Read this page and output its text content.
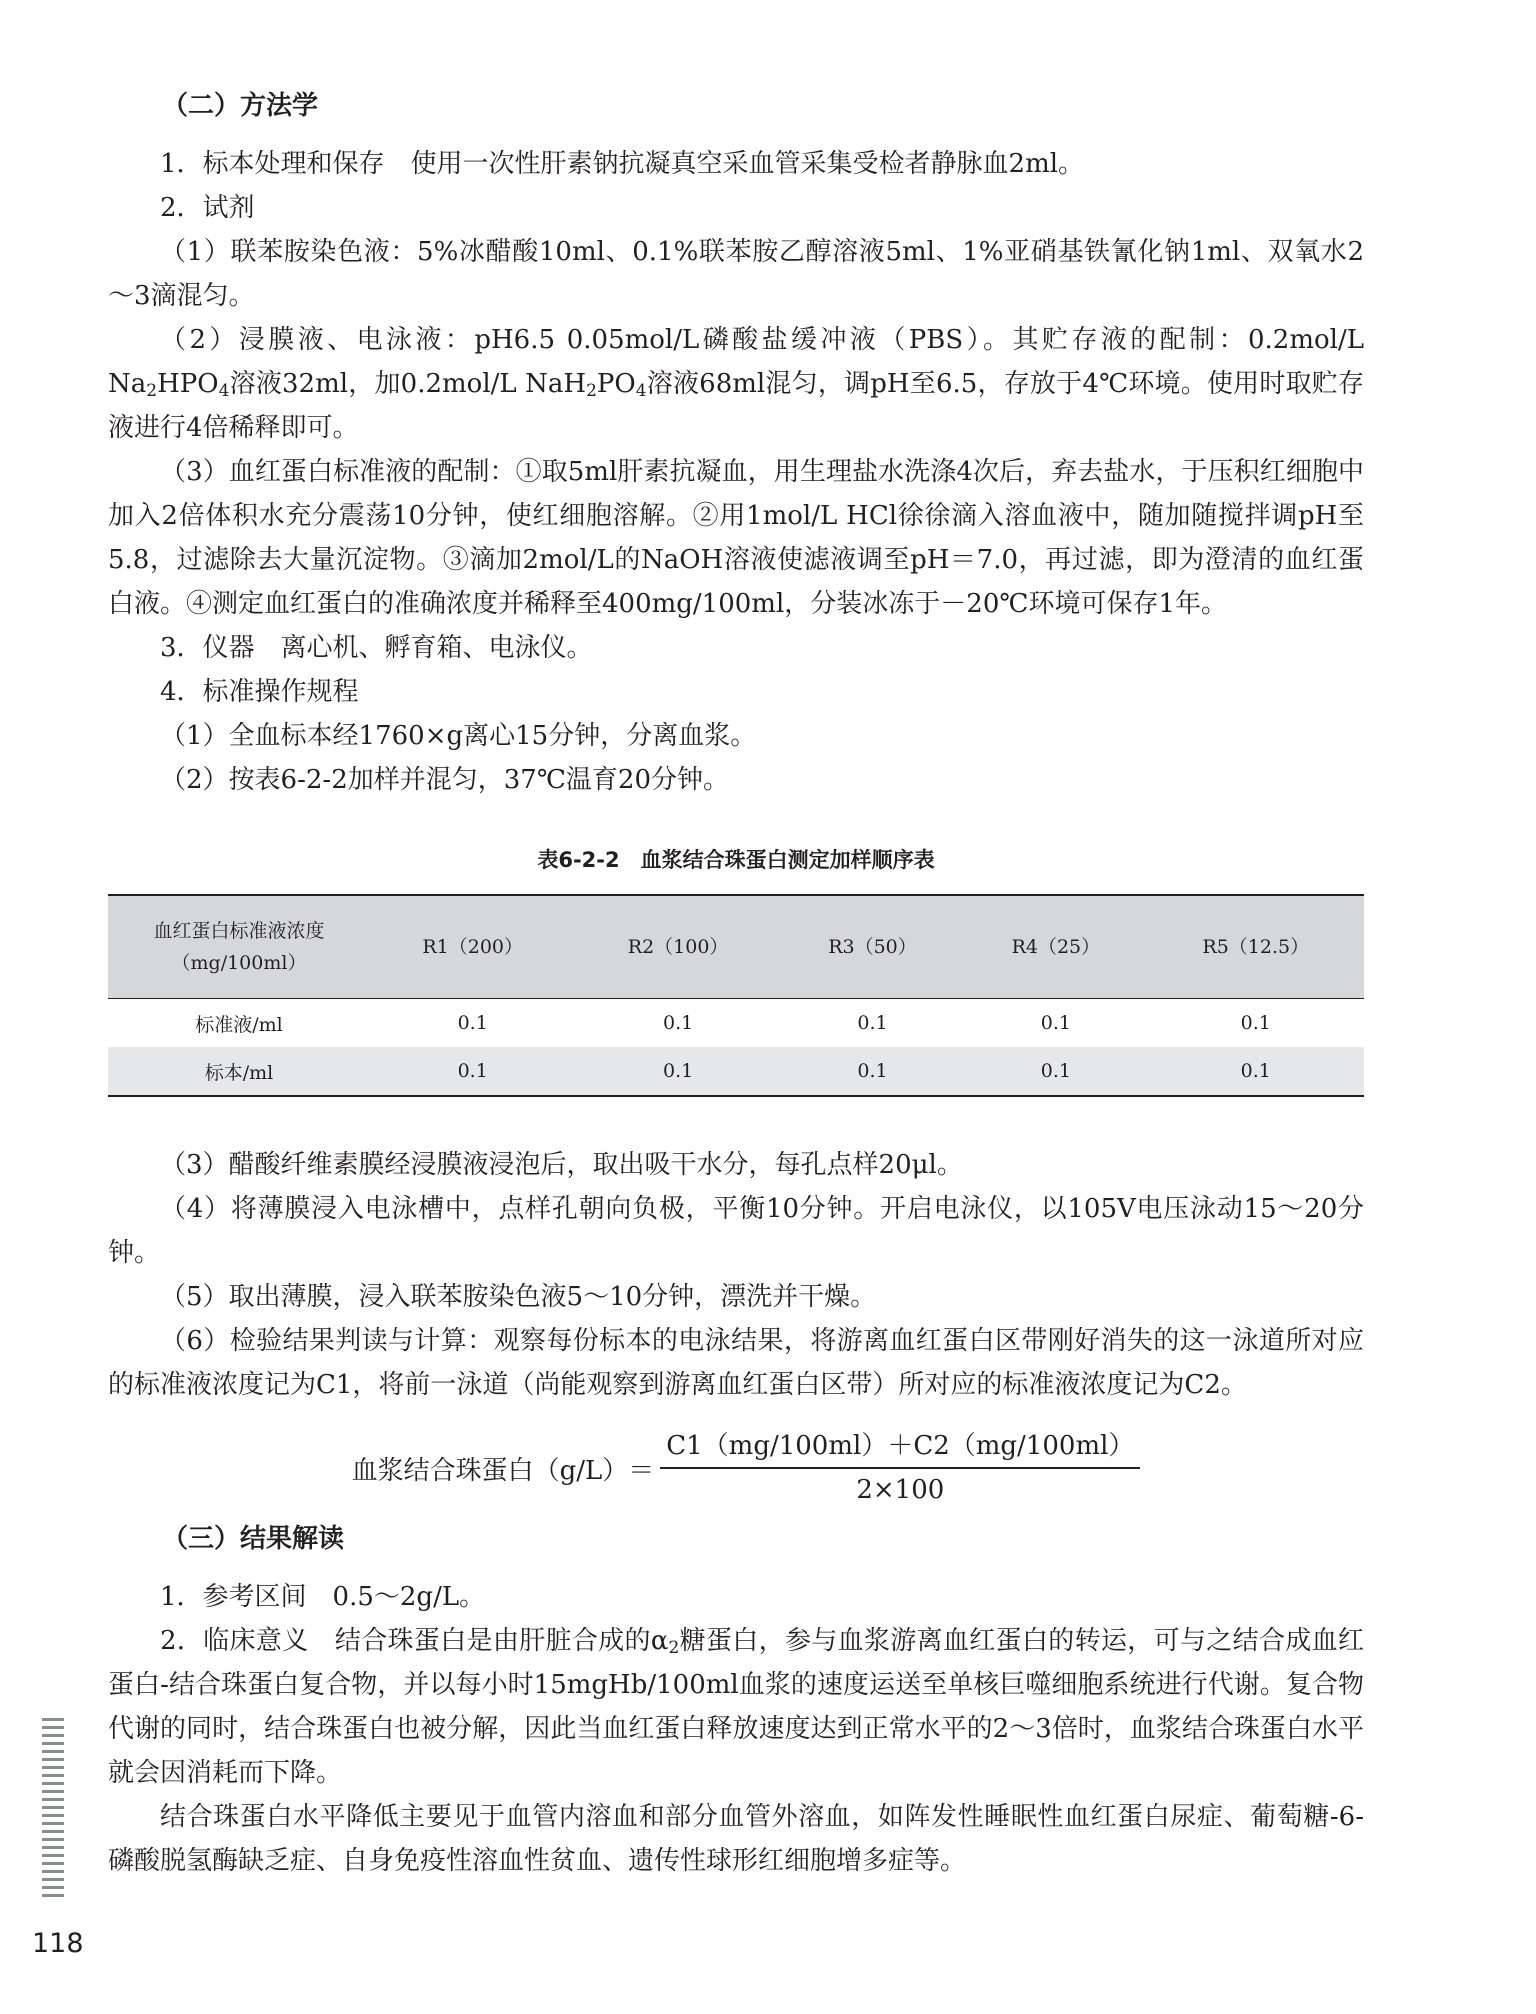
（二）方法学

1．标本处理和保存　使用一次性肝素钠抗凝真空采血管采集受检者静脉血2ml。

2．试剂

（1）联苯胺染色液：5%冰醋酸10ml、0.1%联苯胺乙醇溶液5ml、1%亚硝基铁氰化钠1ml、双氧水2～3滴混匀。

（2）浸膜液、电泳液：pH6.5 0.05mol/L磷酸盐缓冲液（PBS）。其贮存液的配制：0.2mol/L $Na_2HPO_4$溶液32ml，加0.2mol/L $NaH_2PO_4$溶液68ml混匀，调pH至6.5，存放于4℃环境。使用时取贮存液进行4倍稀释即可。

（3）血红蛋白标准液的配制：①取5ml肝素抗凝血，用生理盐水洗涤4次后，弃去盐水，于压积红细胞中加入2倍体积水充分震荡10分钟，使红细胞溶解。②用1mol/L HCl徐徐滴入溶血液中，随加随搅拌调pH至5.8，过滤除去大量沉淀物。③滴加2mol/L的NaOH溶液使滤液调至pH＝7.0，再过滤，即为澄清的血红蛋白液。④测定血红蛋白的准确浓度并稀释至400mg/100ml，分装冰冻于－20℃环境可保存1年。

3．仪器　离心机、孵育箱、电泳仪。

4．标准操作规程

（1）全血标本经1760×g离心15分钟，分离血浆。

（2）按表6-2-2加样并混匀，37℃温育20分钟。

表6-2-2　血浆结合珠蛋白测定加样顺序表
血红蛋白标准液浓度
（mg/100ml）	R1（200）	R2（100）	R3（50）	R4（25）	R5（12.5）
标准液/ml	0.1	0.1	0.1	0.1	0.1
标本/ml	0.1	0.1	0.1	0.1	0.1

（3）醋酸纤维素膜经浸膜液浸泡后，取出吸干水分，每孔点样20μl。

（4）将薄膜浸入电泳槽中，点样孔朝向负极，平衡10分钟。开启电泳仪，以105V电压泳动15～20分钟。

（5）取出薄膜，浸入联苯胺染色液5～10分钟，漂洗并干燥。

（6）检验结果判读与计算：观察每份标本的电泳结果，将游离血红蛋白区带刚好消失的这一泳道所对应的标准液浓度记为C1，将前一泳道（尚能观察到游离血红蛋白区带）所对应的标准液浓度记为C2。

血浆结合珠蛋白$(g/L)= \frac{C1(mg/100ml)+C2(mg/100ml)}{2\times 100}$
（三）结果解读

1．参考区间　0.5～2g/L。

2．临床意义　结合珠蛋白是由肝脏合成的$\alpha_2$糖蛋白，参与血浆游离血红蛋白的转运，可与之结合成血红蛋白-结合珠蛋白复合物，并以每小时15mgHb/100ml血浆的速度运送至单核巨噬细胞系统进行代谢。复合物代谢的同时，结合珠蛋白也被分解，因此当血红蛋白释放速度达到正常水平的2～3倍时，血浆结合珠蛋白水平就会因消耗而下降。

结合珠蛋白水平降低主要见于血管内溶血和部分血管外溶血，如阵发性睡眠性血红蛋白尿症、葡萄糖-6-磷酸脱氢酶缺乏症、自身免疫性溶血性贫血、遗传性球形红细胞增多症等。

118
